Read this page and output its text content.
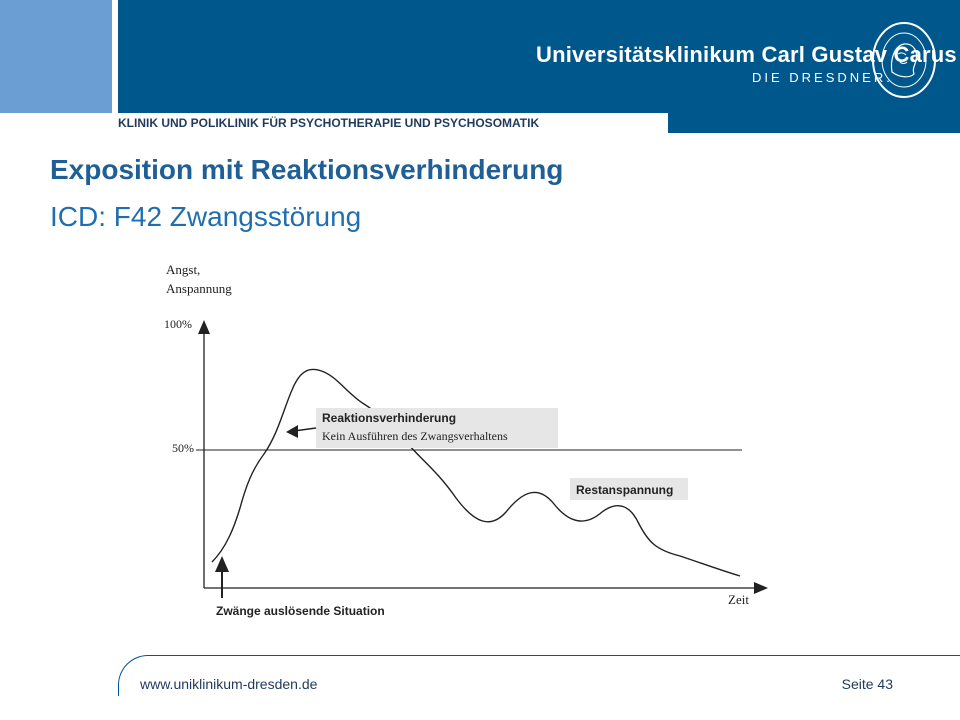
Universitätsklinikum Carl Gustav Carus
DIE DRESDNER.
KLINIK UND POLIKLINIK FÜR PSYCHOTHERAPIE UND PSYCHOSOMATIK
Exposition mit Reaktionsverhinderung
ICD: F42 Zwangsstörung
Angst,
Anspannung
100%
50%
Reaktionsverhinderung
Kein Ausführen des Zwangsverhaltens
Restanspannung
Zwänge auslösende Situation
Zeit
www.uniklinikum-dresden.de	Seite 43
